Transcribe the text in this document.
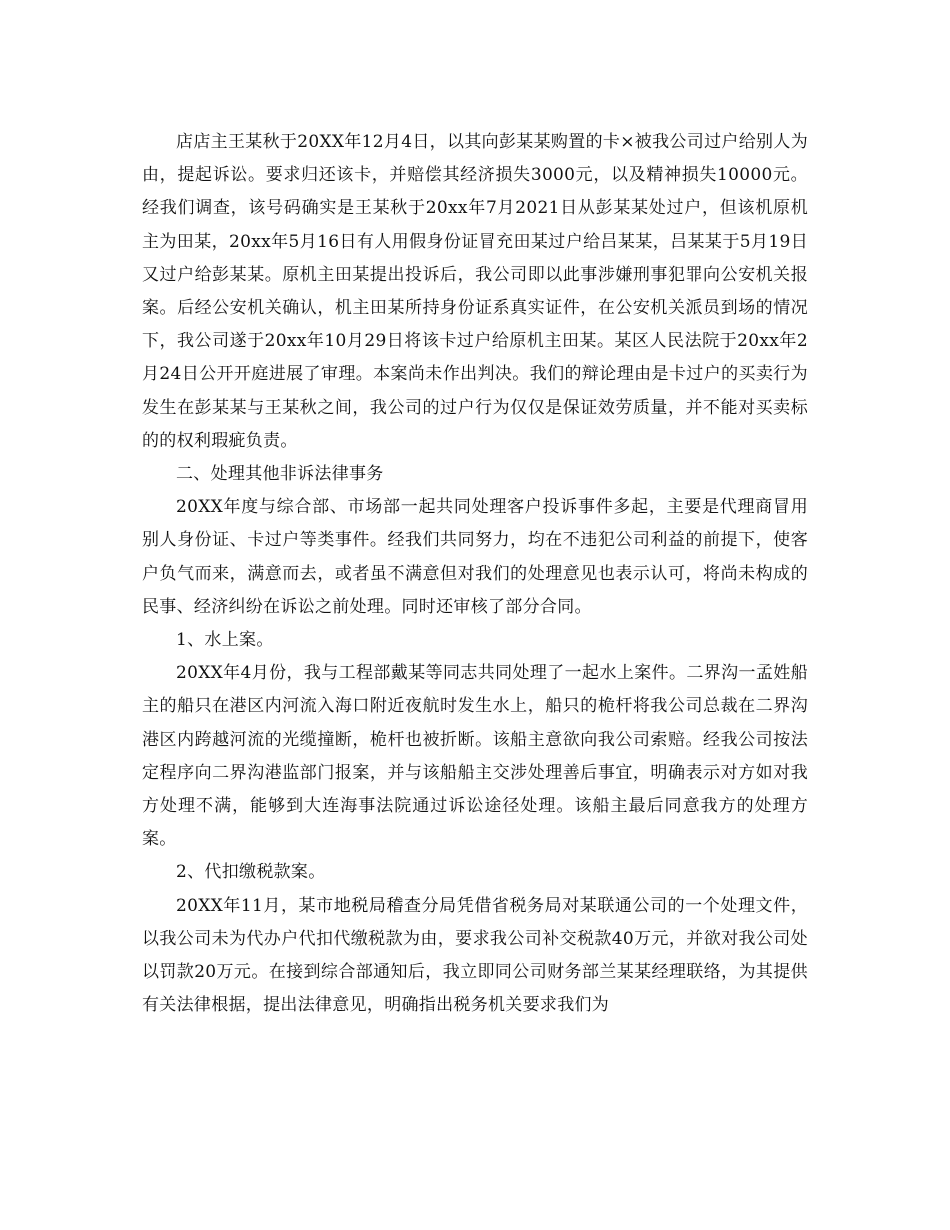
店店主王某秋于20XX年12月4日，以其向彭某某购置的卡×被我公司过户给别人为由，提起诉讼。要求归还该卡，并赔偿其经济损失3000元，以及精神损失10000元。经我们调查，该号码确实是王某秋于20xx年7月2021日从彭某某处过户，但该机原机主为田某，20xx年5月16日有人用假身份证冒充田某过户给吕某某，吕某某于5月19日又过户给彭某某。原机主田某提出投诉后，我公司即以此事涉嫌刑事犯罪向公安机关报案。后经公安机关确认，机主田某所持身份证系真实证件，在公安机关派员到场的情况下，我公司遂于20xx年10月29日将该卡过户给原机主田某。某区人民法院于20xx年2月24日公开开庭进展了审理。本案尚未作出判决。我们的辩论理由是卡过户的买卖行为发生在彭某某与王某秋之间，我公司的过户行为仅仅是保证效劳质量，并不能对买卖标的的权利瑕疵负责。

二、处理其他非诉法律事务

20XX年度与综合部、市场部一起共同处理客户投诉事件多起，主要是代理商冒用别人身份证、卡过户等类事件。经我们共同努力，均在不违犯公司利益的前提下，使客户负气而来，满意而去，或者虽不满意但对我们的处理意见也表示认可，将尚未构成的民事、经济纠纷在诉讼之前处理。同时还审核了部分合同。

1、水上案。

20XX年4月份，我与工程部戴某等同志共同处理了一起水上案件。二界沟一孟姓船主的船只在港区内河流入海口附近夜航时发生水上，船只的桅杆将我公司总裁在二界沟港区内跨越河流的光缆撞断，桅杆也被折断。该船主意欲向我公司索赔。经我公司按法定程序向二界沟港监部门报案，并与该船船主交涉处理善后事宜，明确表示对方如对我方处理不满，能够到大连海事法院通过诉讼途径处理。该船主最后同意我方的处理方案。

2、代扣缴税款案。

20XX年11月，某市地税局稽查分局凭借省税务局对某联通公司的一个处理文件，以我公司未为代办户代扣代缴税款为由，要求我公司补交税款40万元，并欲对我公司处以罚款20万元。在接到综合部通知后，我立即同公司财务部兰某某经理联络，为其提供有关法律根据，提出法律意见，明确指出税务机关要求我们为
